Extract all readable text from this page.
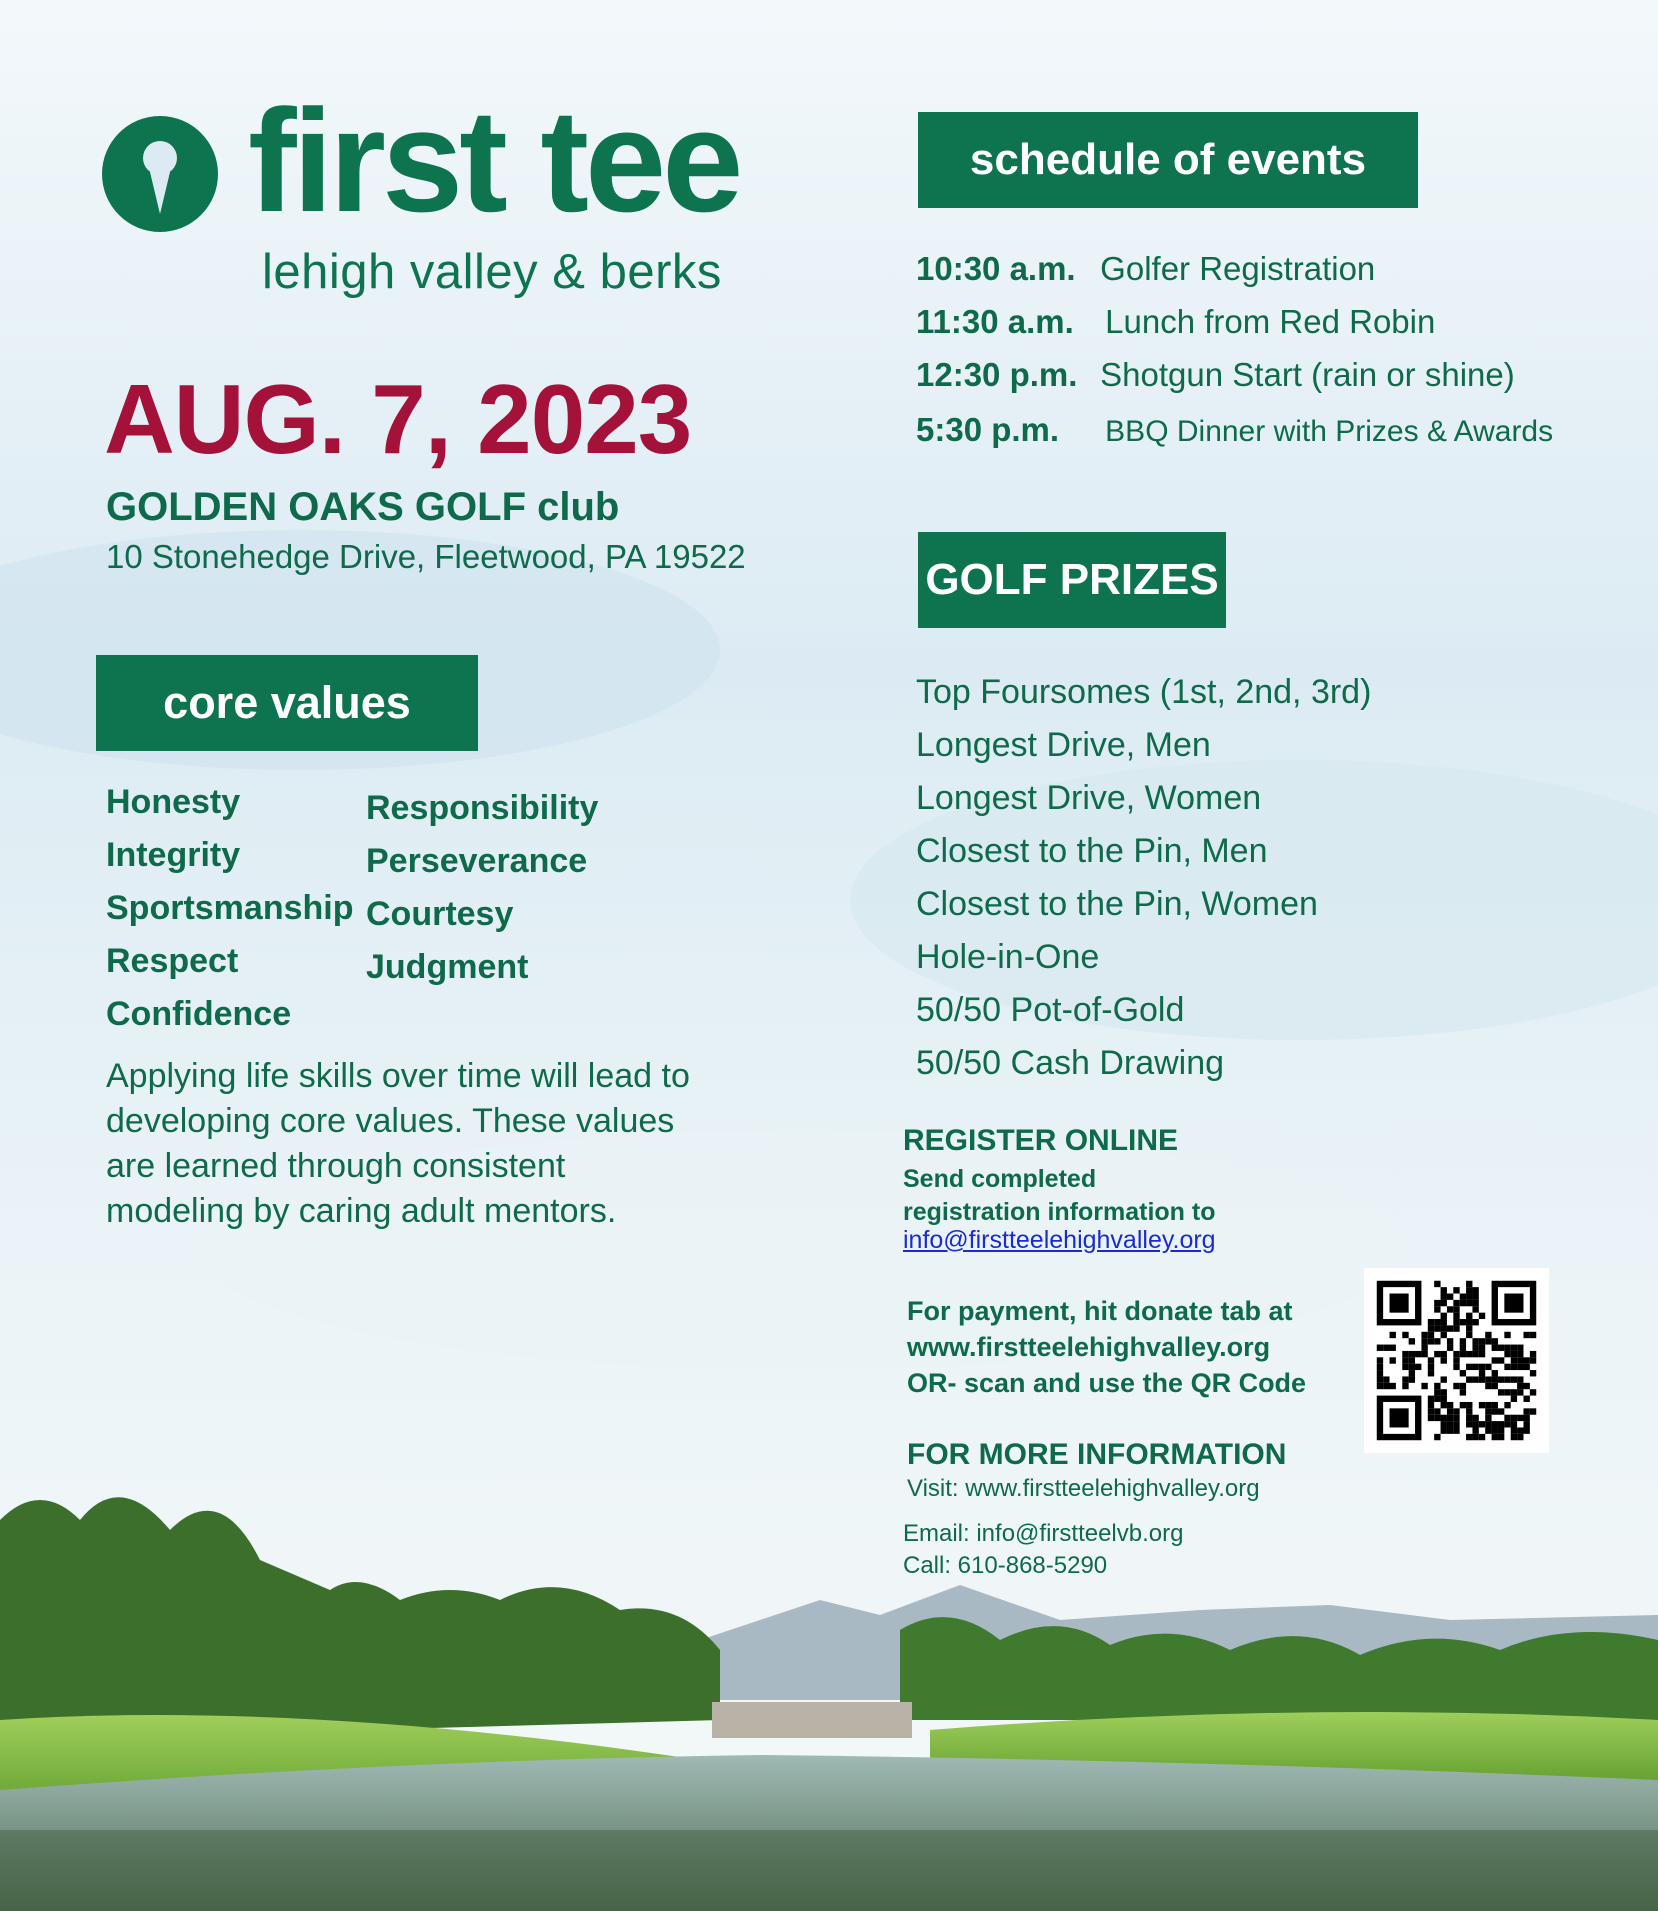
first tee
lehigh valley & berks
AUG. 7, 2023
GOLDEN OAKS GOLF club
10 Stonehedge Drive, Fleetwood, PA 19522
core values
Honesty
Integrity
Sportsmanship
Respect
Confidence
Responsibility
Perseverance
Courtesy
Judgment
Applying life skills over time will lead to developing core values. These values are learned through consistent modeling by caring adult mentors.
schedule of events
10:30 a.m. Golfer Registration
11:30 a.m. Lunch from Red Robin
12:30 p.m. Shotgun Start (rain or shine)
5:30 p.m. BBQ Dinner with Prizes & Awards
GOLF PRIZES
Top Foursomes (1st, 2nd, 3rd)
Longest Drive, Men
Longest Drive, Women
Closest to the Pin, Men
Closest to the Pin, Women
Hole-in-One
50/50 Pot-of-Gold
50/50 Cash Drawing
REGISTER ONLINE
Send completed
registration information to
info@firstteelehighvalley.org
For payment, hit donate tab at
www.firstteelehighvalley.org
OR- scan and use the QR Code
FOR MORE INFORMATION
Visit: www.firstteelehighvalley.org
Email: info@firstteelvb.org
Call: 610-868-5290
